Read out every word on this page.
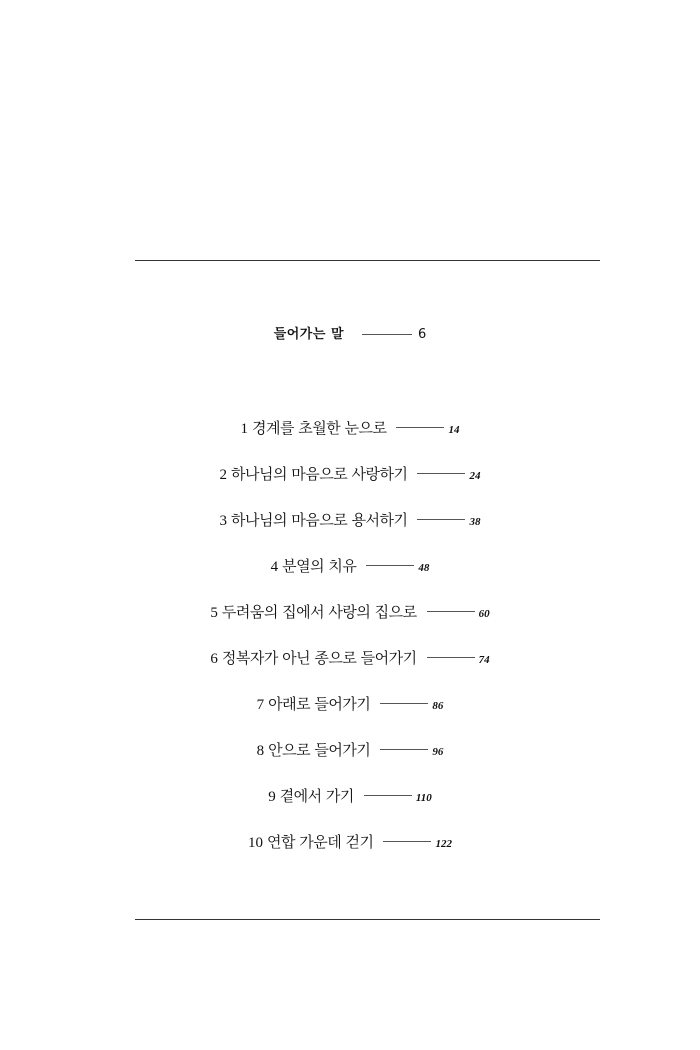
들어가는 말	6
1 경계를 초월한 눈으로	14
2 하나님의 마음으로 사랑하기	24
3 하나님의 마음으로 용서하기	38
4 분열의 치유	48
5 두려움의 집에서 사랑의 집으로	60
6 정복자가 아닌 종으로 들어가기	74
7 아래로 들어가기	86
8 안으로 들어가기	96
9 곁에서 가기	110
10 연합 가운데 걷기	122
